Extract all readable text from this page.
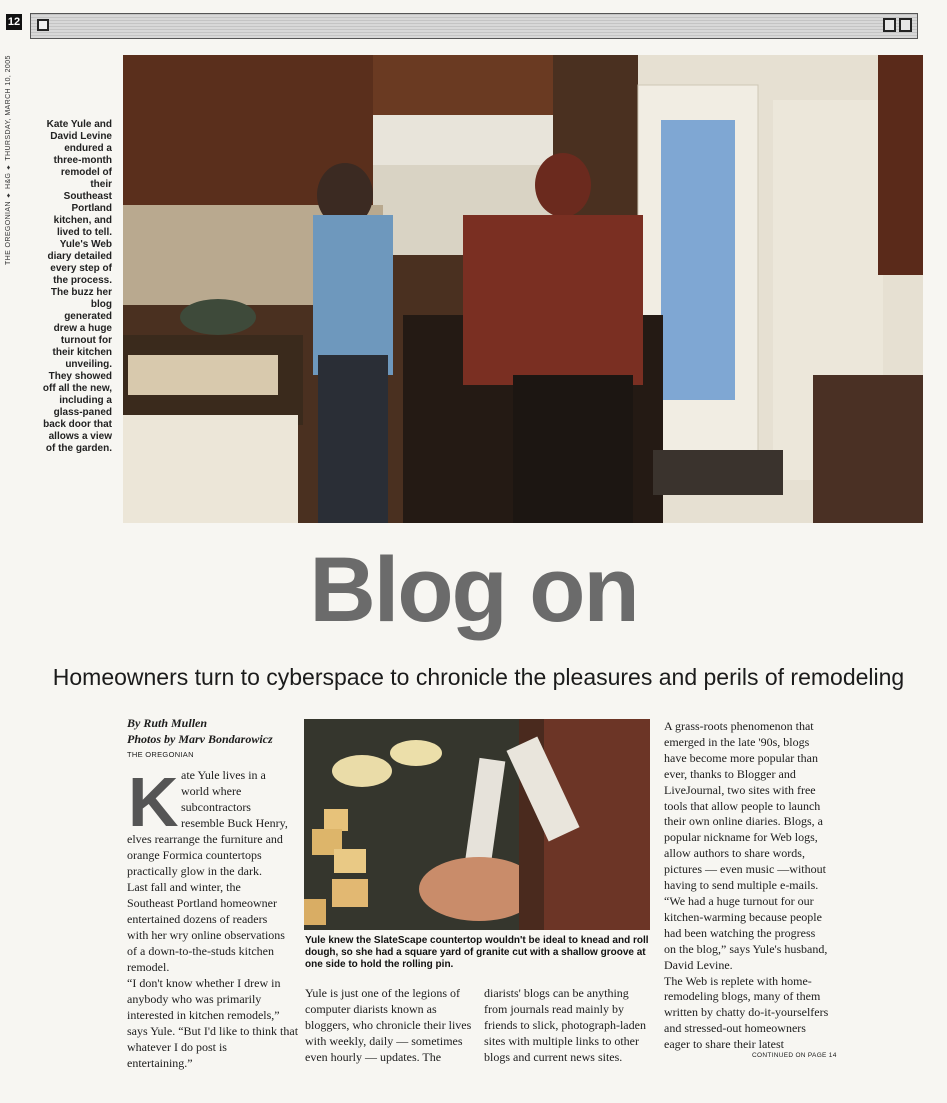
12
THE OREGONIAN ♦ H&G ♦ THURSDAY, MARCH 10, 2005	Kate Yule and
David Levine
endured a
three-month
remodel of
their
Southeast
Portland
kitchen, and
lived to tell.
Yule's Web
diary detailed
every step of
the process.
The buzz her
blog
generated
drew a huge
turnout for
their kitchen
unveiling.
They showed
off all the new,
including a
glass-paned
back door that
allows a view
of the garden.
Blog on
Homeowners turn to cyberspace to chronicle the pleasures and perils of remodeling
By Ruth Mullen
Photos by Marv Bondarowicz
THE OREGONIAN
K ate Yule lives in a
world where
subcontractors
resemble Buck Henry,
elves rearrange the furniture and
orange Formica countertops
practically glow in the dark.
Last fall and winter, the
Southeast Portland homeowner
entertained dozens of readers
with her wry online observations
of a down-to-the-studs kitchen
remodel.
“I don't know whether I drew in
anybody who was primarily
interested in kitchen remodels,”
says Yule. “But I'd like to think that
whatever I do post is
entertaining.”
Yule knew the SlateScape countertop wouldn't be ideal to knead and roll dough, so she had a square yard of granite cut with a shallow groove at one side to hold the rolling pin.
Yule is just one of the legions of
computer diarists known as
bloggers, who chronicle their lives
with weekly, daily — sometimes
even hourly — updates. The
diarists' blogs can be anything
from journals read mainly by
friends to slick, photograph-laden
sites with multiple links to other
blogs and current news sites.
A grass-roots phenomenon that
emerged in the late '90s, blogs
have become more popular than
ever, thanks to Blogger and
LiveJournal, two sites with free
tools that allow people to launch
their own online diaries. Blogs, a
popular nickname for Web logs,
allow authors to share words,
pictures — even music —without
having to send multiple e-mails.
“We had a huge turnout for our
kitchen-warming because people
had been watching the progress
on the blog,” says Yule's husband,
David Levine.
The Web is replete with home-
remodeling blogs, many of them
written by chatty do-it-yourselfers
and stressed-out homeowners
eager to share their latest
CONTINUED ON PAGE 14
